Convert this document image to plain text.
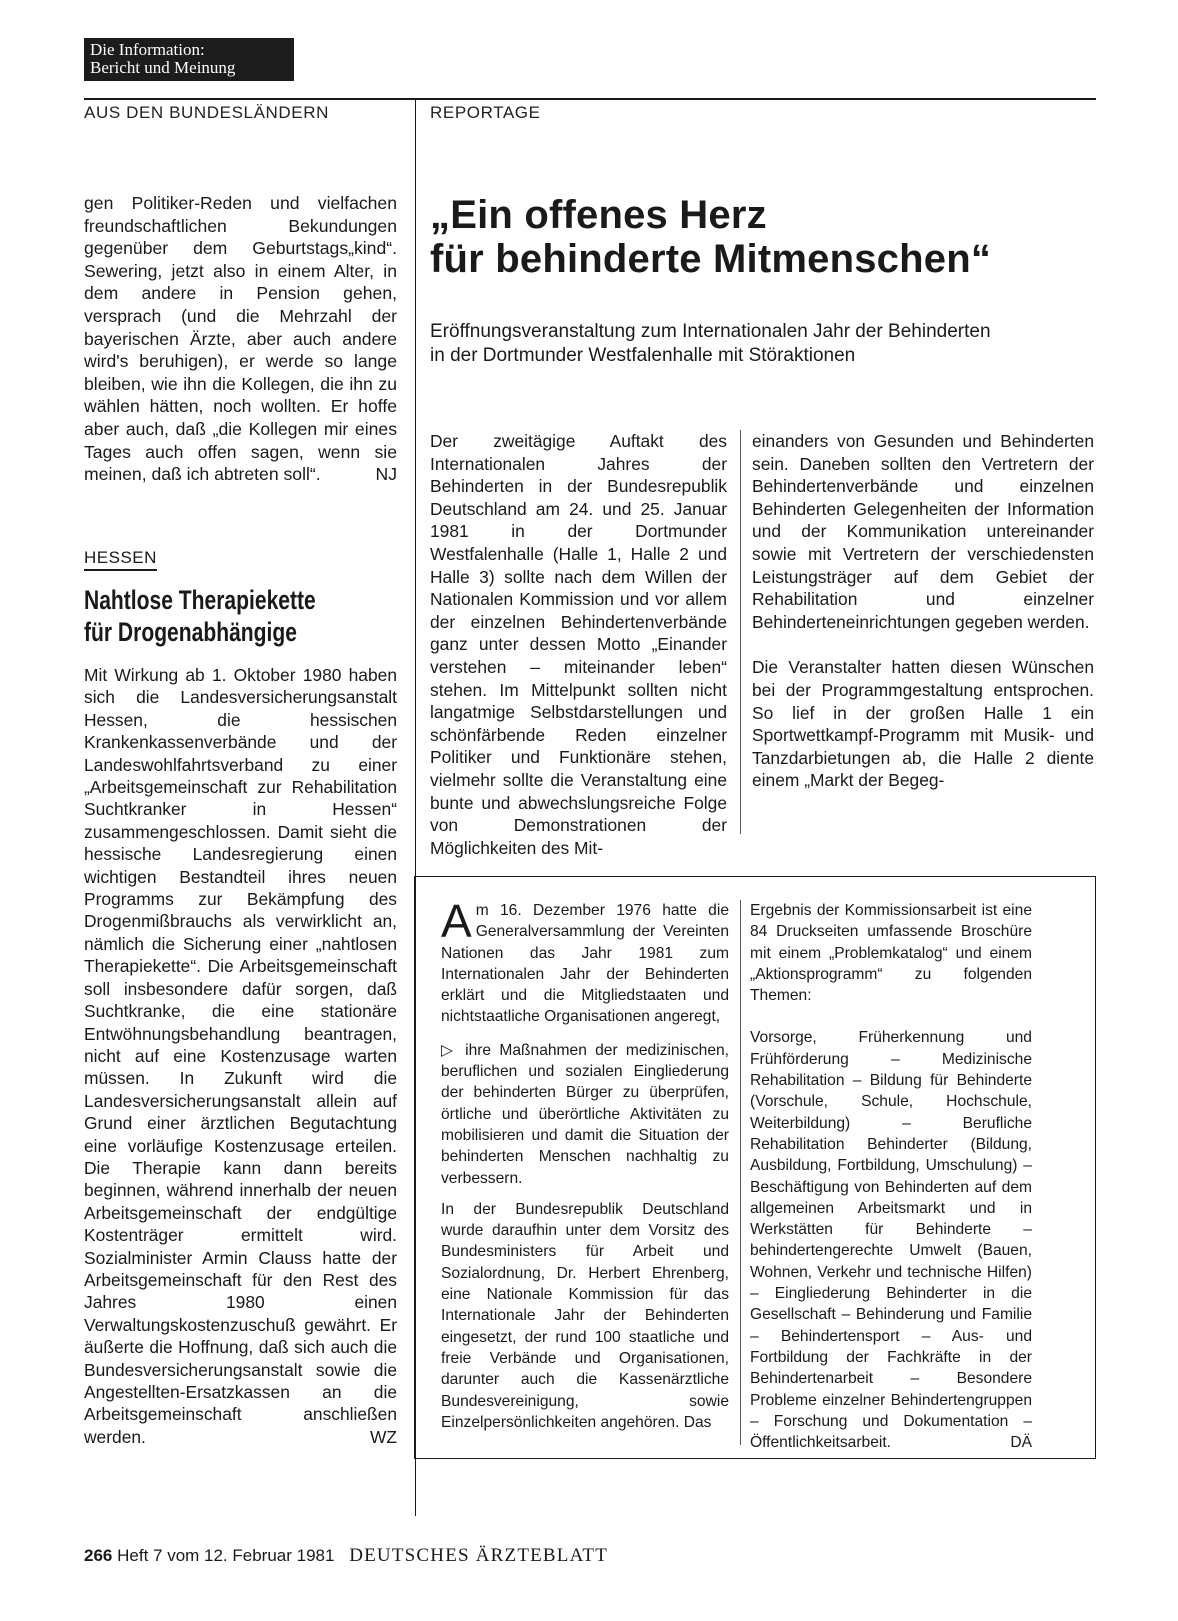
Die Information:
Bericht und Meinung
AUS DEN BUNDESLÄNDERN
gen Politiker-Reden und vielfachen freundschaftlichen Bekundungen gegenüber dem Geburtstags„kind“. Sewering, jetzt also in einem Alter, in dem andere in Pension gehen, versprach (und die Mehrzahl der bayerischen Ärzte, aber auch andere wird's beruhigen), er werde so lange bleiben, wie ihn die Kollegen, die ihn zu wählen hätten, noch wollten. Er hoffe aber auch, daß „die Kollegen mir eines Tages auch offen sagen, wenn sie meinen, daß ich abtreten soll“.	NJ
HESSEN
Nahtlose Therapiekette
für Drogenabhängige
Mit Wirkung ab 1. Oktober 1980 haben sich die Landesversicherungsanstalt Hessen, die hessischen Krankenkassenverbände und der Landeswohlfahrtsverband zu einer „Arbeitsgemeinschaft zur Rehabilitation Suchtkranker in Hessen“ zusammengeschlossen. Damit sieht die hessische Landesregierung einen wichtigen Bestandteil ihres neuen Programms zur Bekämpfung des Drogenmißbrauchs als verwirklicht an, nämlich die Sicherung einer „nahtlosen Therapiekette“. Die Arbeitsgemeinschaft soll insbesondere dafür sorgen, daß Suchtkranke, die eine stationäre Entwöhnungsbehandlung beantragen, nicht auf eine Kostenzusage warten müssen. In Zukunft wird die Landesversicherungsanstalt allein auf Grund einer ärztlichen Begutachtung eine vorläufige Kostenzusage erteilen. Die Therapie kann dann bereits beginnen, während innerhalb der neuen Arbeitsgemeinschaft der endgültige Kostenträger ermittelt wird. Sozialminister Armin Clauss hatte der Arbeitsgemeinschaft für den Rest des Jahres 1980 einen Verwaltungskostenzuschuß gewährt. Er äußerte die Hoffnung, daß sich auch die Bundesversicherungsanstalt sowie die Angestellten-Ersatzkassen an die Arbeitsgemeinschaft anschließen werden.	WZ
REPORTAGE
„Ein offenes Herz
für behinderte Mitmenschen“
Eröffnungsveranstaltung zum Internationalen Jahr der Behinderten
in der Dortmunder Westfalenhalle mit Störaktionen
Der zweitägige Auftakt des Internationalen Jahres der Behinderten in der Bundesrepublik Deutschland am 24. und 25. Januar 1981 in der Dortmunder Westfalenhalle (Halle 1, Halle 2 und Halle 3) sollte nach dem Willen der Nationalen Kommission und vor allem der einzelnen Behindertenverbände ganz unter dessen Motto „Einander verstehen – miteinander leben“ stehen. Im Mittelpunkt sollten nicht langatmige Selbstdarstellungen und schönfärbende Reden einzelner Politiker und Funktionäre stehen, vielmehr sollte die Veranstaltung eine bunte und abwechslungsreiche Folge von Demonstrationen der Möglichkeiten des Mit-

einanders von Gesunden und Behinderten sein. Daneben sollten den Vertretern der Behindertenverbände und einzelnen Behinderten Gelegenheiten der Information und der Kommunikation untereinander sowie mit Vertretern der verschiedensten Leistungsträger auf dem Gebiet der Rehabilitation und einzelner Behinderteneinrichtungen gegeben werden.

Die Veranstalter hatten diesen Wünschen bei der Programmgestaltung entsprochen. So lief in der großen Halle 1 ein Sportwettkampf-Programm mit Musik- und Tanzdarbietungen ab, die Halle 2 diente einem „Markt der Begeg-

Am 16. Dezember 1976 hatte die Generalversammlung der Vereinten Nationen das Jahr 1981 zum Internationalen Jahr der Behinderten erklärt und die Mitgliedstaaten und nichtstaatliche Organisationen angeregt,

▷ ihre Maßnahmen der medizinischen, beruflichen und sozialen Eingliederung der behinderten Bürger zu überprüfen, örtliche und überörtliche Aktivitäten zu mobilisieren und damit die Situation der behinderten Menschen nachhaltig zu verbessern.

In der Bundesrepublik Deutschland wurde daraufhin unter dem Vorsitz des Bundesministers für Arbeit und Sozialordnung, Dr. Herbert Ehrenberg, eine Nationale Kommission für das Internationale Jahr der Behinderten eingesetzt, der rund 100 staatliche und freie Verbände und Organisationen, darunter auch die Kassenärztliche Bundesvereinigung, sowie Einzelpersönlichkeiten angehören. Das

Ergebnis der Kommissionsarbeit ist eine 84 Druckseiten umfassende Broschüre mit einem „Problemkatalog“ und einem „Aktionsprogramm“ zu folgenden Themen:

Vorsorge, Früherkennung und Frühförderung – Medizinische Rehabilitation – Bildung für Behinderte (Vorschule, Schule, Hochschule, Weiterbildung) – Berufliche Rehabilitation Behinderter (Bildung, Ausbildung, Fortbildung, Umschulung) – Beschäftigung von Behinderten auf dem allgemeinen Arbeitsmarkt und in Werkstätten für Behinderte – behindertengerechte Umwelt (Bauen, Wohnen, Verkehr und technische Hilfen) – Eingliederung Behinderter in die Gesellschaft – Behinderung und Familie – Behindertensport – Aus- und Fortbildung der Fachkräfte in der Behindertenarbeit – Besondere Probleme einzelner Behindertengruppen – Forschung und Dokumentation – Öffentlichkeitsarbeit.	DÄ

266 Heft 7 vom 12. Februar 1981 DEUTSCHES ÄRZTEBLATT
